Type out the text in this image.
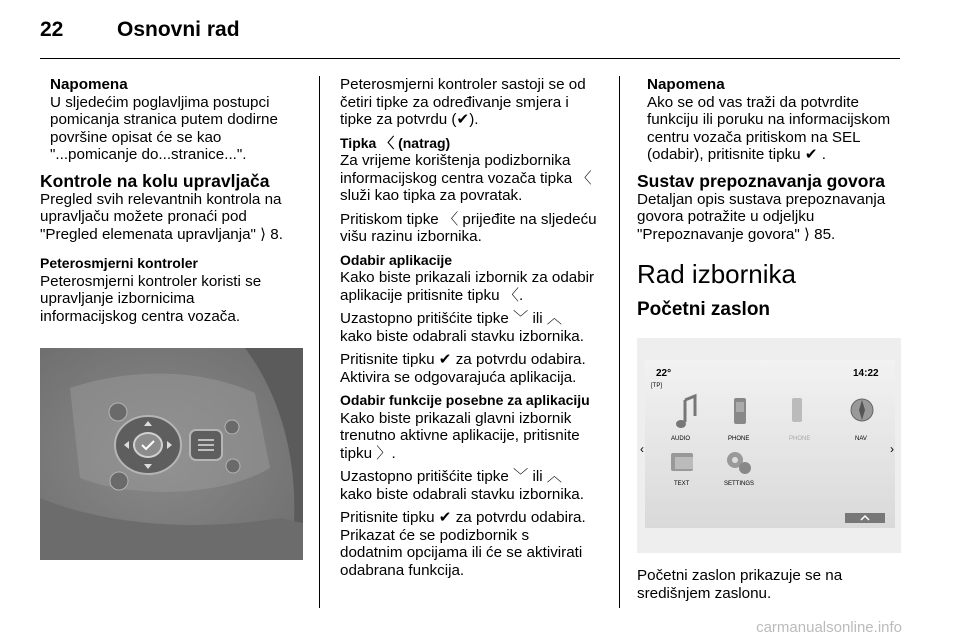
22	Osnovni rad

Napomena

U sljedećim poglavljima postupci

pomicanja stranica putem dodirne

površine opisat će se kao

"...pomicanje do...stranice...".

Kontrole na kolu upravljača

Pregled svih relevantnih kontrola na

upravljaču možete pronaći pod

"Pregled elemenata upravljanja" ⟩ 8.

Peterosmjerni kontroler

Peterosmjerni kontroler koristi se

upravljanje izbornicima

informacijskog centra vozača.

Peterosmjerni kontroler sastoji se od

četiri tipke za određivanje smjera i

tipke za potvrdu (✔).

Tipka 〈 (natrag)

Za vrijeme korištenja podizbornika

informacijskog centra vozača tipka 〈

služi kao tipka za povratak.

Pritiskom tipke 〈 prijeđite na sljedeću

višu razinu izbornika.

Odabir aplikacije

Kako biste prikazali izbornik za odabir

aplikacije pritisnite tipku 〈.

Uzastopno pritišćite tipke ﹀ ili ︿

kako biste odabrali stavku izbornika.

Pritisnite tipku ✔ za potvrdu odabira.

Aktivira se odgovarajuća aplikacija.

Odabir funkcije posebne za aplikaciju

Kako biste prikazali glavni izbornik

trenutno aktivne aplikacije, pritisnite

tipku 〉.

Uzastopno pritišćite tipke ﹀ ili ︿

kako biste odabrali stavku izbornika.

Pritisnite tipku ✔ za potvrdu odabira.

Prikazat će se podizbornik s

dodatnim opcijama ili će se aktivirati

odabrana funkcija.

Napomena

Ako se od vas traži da potvrdite

funkciju ili poruku na informacijskom

centru vozača pritiskom na SEL

(odabir), pritisnite tipku ✔ .

Sustav prepoznavanja govora

Detaljan opis sustava prepoznavanja

govora potražite u odjeljku

"Prepoznavanje govora" ⟩ 85.

Rad izbornika

Početni zaslon

22°
[TP]
14:22
‹	›
AUDIO	PHONE	PHONE	NAV
TEXT	SETTINGS

Početni zaslon prikazuje se na

središnjem zaslonu.

carmanualsonline.info
